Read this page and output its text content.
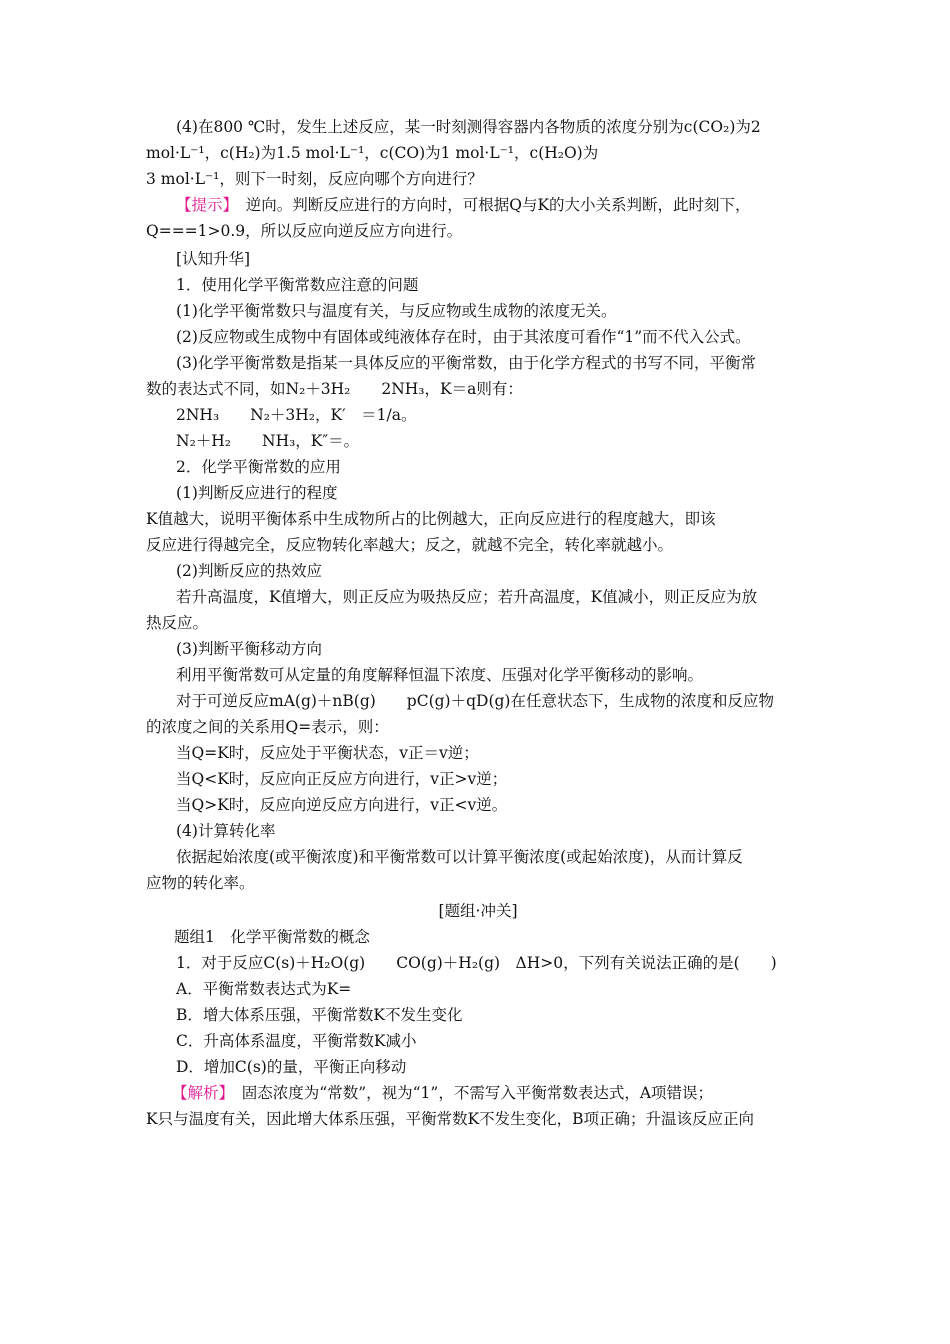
(4)在800 ℃时，发生上述反应，某一时刻测得容器内各物质的浓度分别为c(CO₂)为2
mol·L⁻¹，c(H₂)为1.5 mol·L⁻¹，c(CO)为1 mol·L⁻¹，c(H₂O)为
3 mol·L⁻¹，则下一时刻，反应向哪个方向进行？
【提示】　逆向。判断反应进行的方向时，可根据Q与K的大小关系判断，此时刻下，
Q===1>0.9，所以反应向逆反应方向进行。
[认知升华]
1．使用化学平衡常数应注意的问题
(1)化学平衡常数只与温度有关，与反应物或生成物的浓度无关。
(2)反应物或生成物中有固体或纯液体存在时，由于其浓度可看作“1”而不代入公式。
(3)化学平衡常数是指某一具体反应的平衡常数，由于化学方程式的书写不同，平衡常
数的表达式不同，如N₂＋3H₂　　2NH₃，K＝a则有：
2NH₃　　N₂＋3H₂，K′　＝1/a。
N₂＋H₂　　NH₃，K″＝。
2．化学平衡常数的应用
(1)判断反应进行的程度
K值越大，说明平衡体系中生成物所占的比例越大，正向反应进行的程度越大，即该
反应进行得越完全，反应物转化率越大；反之，就越不完全，转化率就越小。
(2)判断反应的热效应
若升高温度，K值增大，则正反应为吸热反应；若升高温度，K值减小，则正反应为放
热反应。
(3)判断平衡移动方向
利用平衡常数可从定量的角度解释恒温下浓度、压强对化学平衡移动的影响。
对于可逆反应mA(g)＋nB(g)　　pC(g)＋qD(g)在任意状态下，生成物的浓度和反应物
的浓度之间的关系用Q=表示，则：
当Q=K时，反应处于平衡状态，v正＝v逆；
当Q<K时，反应向正反应方向进行，v正>v逆；
当Q>K时，反应向逆反应方向进行，v正<v逆。
(4)计算转化率
依据起始浓度(或平衡浓度)和平衡常数可以计算平衡浓度(或起始浓度)，从而计算反
应物的转化率。
[题组·冲关]
题组1　化学平衡常数的概念
1．对于反应C(s)＋H₂O(g)　　CO(g)＋H₂(g)　ΔH>0，下列有关说法正确的是(　　)
A．平衡常数表达式为K=
B．增大体系压强，平衡常数K不发生变化
C．升高体系温度，平衡常数K减小
D．增加C(s)的量，平衡正向移动
【解析】　固态浓度为“常数”，视为“1”，不需写入平衡常数表达式，A项错误；
K只与温度有关，因此增大体系压强，平衡常数K不发生变化，B项正确；升温该反应正向
